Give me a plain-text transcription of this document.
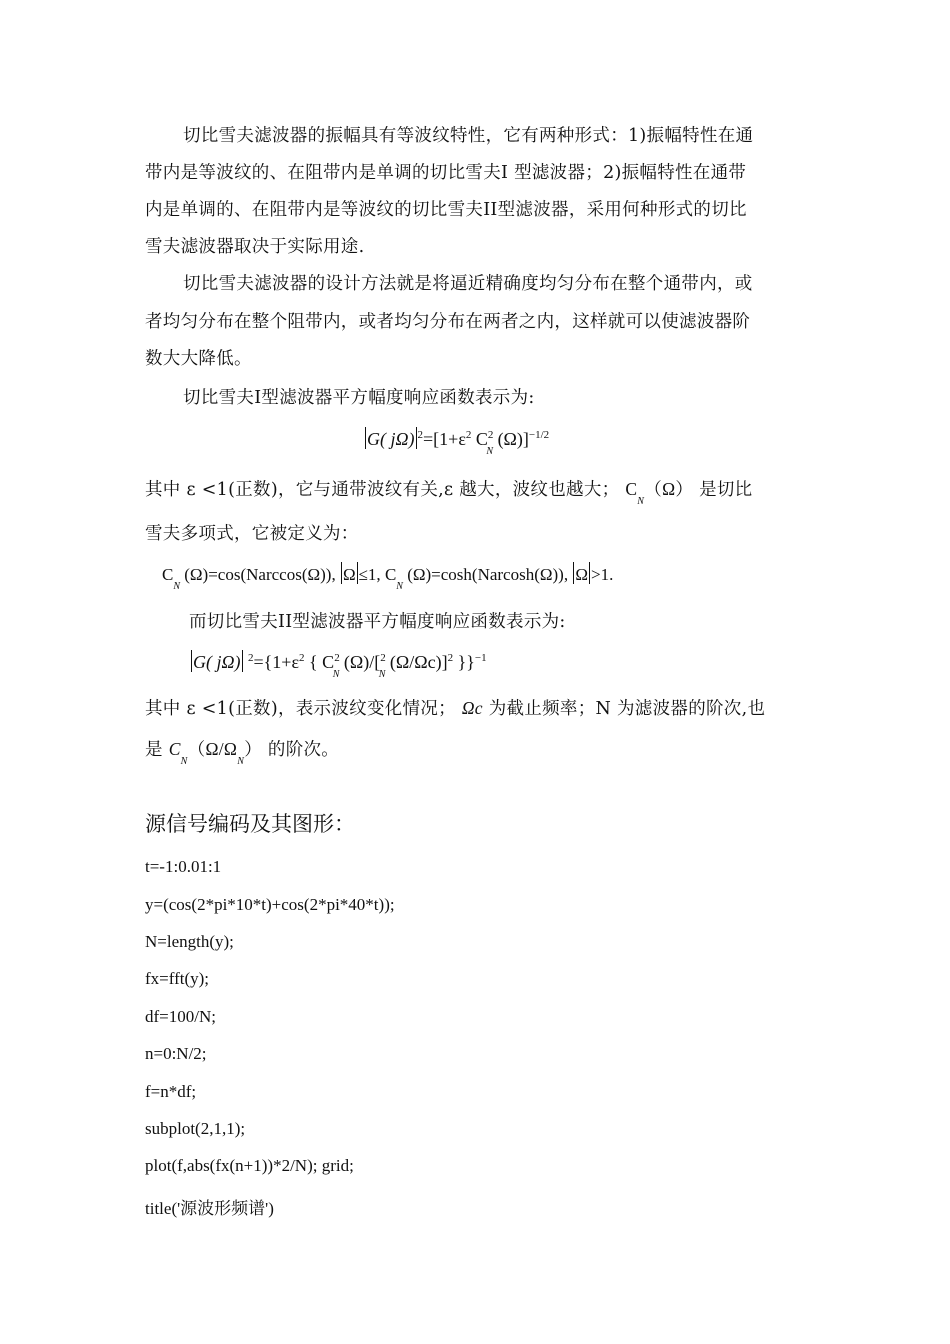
切比雪夫滤波器的振幅具有等波纹特性，它有两种形式：1)振幅特性在通
带内是等波纹的、在阻带内是单调的切比雪夫I 型滤波器；2)振幅特性在通带
内是单调的、在阻带内是等波纹的切比雪夫II型滤波器，采用何种形式的切比
雪夫滤波器取决于实际用途.
切比雪夫滤波器的设计方法就是将逼近精确度均匀分布在整个通带内，或
者均匀分布在整个阻带内，或者均匀分布在两者之内，这样就可以使滤波器阶
数大大降低。
切比雪夫I型滤波器平方幅度响应函数表示为:
G( jΩ) $^2=[1+\varepsilon^2$ $C^2_N$ (Ω)]$^{-1/2}$
其中 ε <1(正数)，它与通带波纹有关,ε 越大，波纹也越大； $C_N(\Omega)$ 是切比
雪夫多项式，它被定义为：
$C_N$ (Ω)=cos(Narccos(Ω)), Ω ≤1, $C_N$ (Ω)=cosh(Narcosh(Ω)), Ω >1.
而切比雪夫II型滤波器平方幅度响应函数表示为:
G( jΩ) $^2=\{1+\varepsilon^2$ { $C^2_N$ (Ω)/[$^2_N$ (Ω/Ωc)]$^2$ }}$^{-1}$
其中 ε <1(正数)，表示波纹变化情况； Ωc 为截止频率；N 为滤波器的阶次,也
是 $C_N(\Omega/\Omega_N)$ 的阶次。
源信号编码及其图形：
t=-1:0.01:1
y=(cos(2*pi*10*t)+cos(2*pi*40*t));
N=length(y);
fx=fft(y);
df=100/N;
n=0:N/2;
f=n*df;
subplot(2,1,1);
plot(f,abs(fx(n+1))*2/N); grid;
title('源波形频谱')
